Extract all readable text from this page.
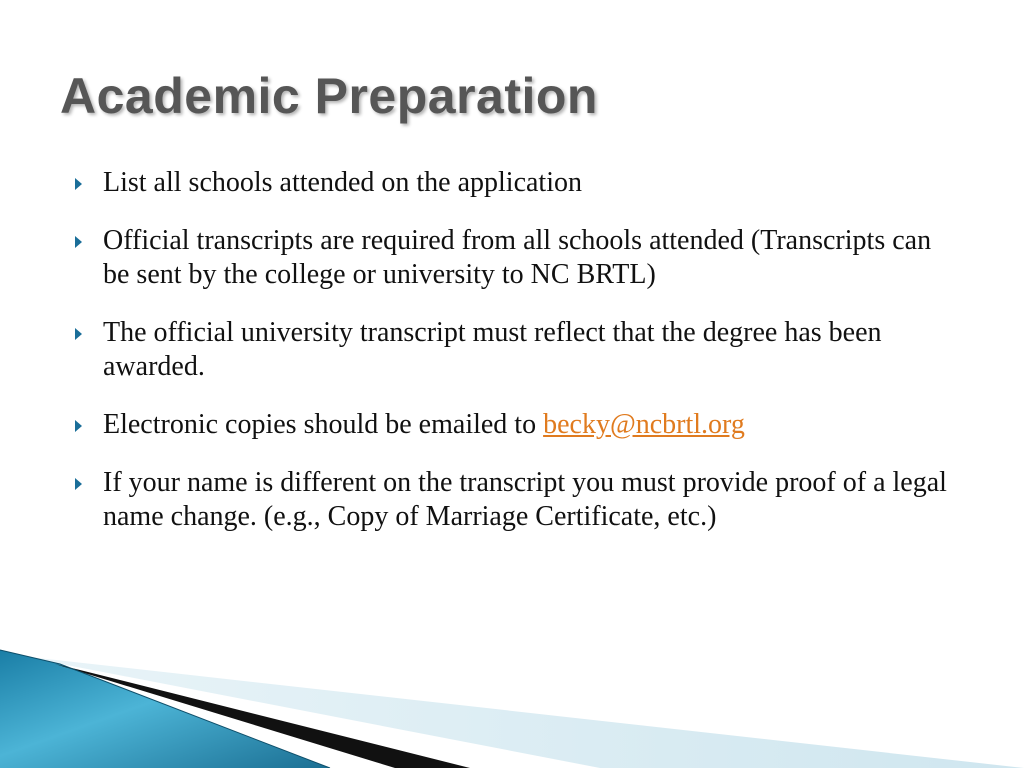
Academic Preparation
List all schools attended on the application
Official transcripts are required from all schools attended (Transcripts can be sent by the college or university to NC BRTL)
The official university transcript must reflect that the degree has been awarded.
Electronic copies should be emailed to becky@ncbrtl.org
If your name is different on the transcript you must provide proof of a legal name change. (e.g., Copy of Marriage Certificate, etc.)
